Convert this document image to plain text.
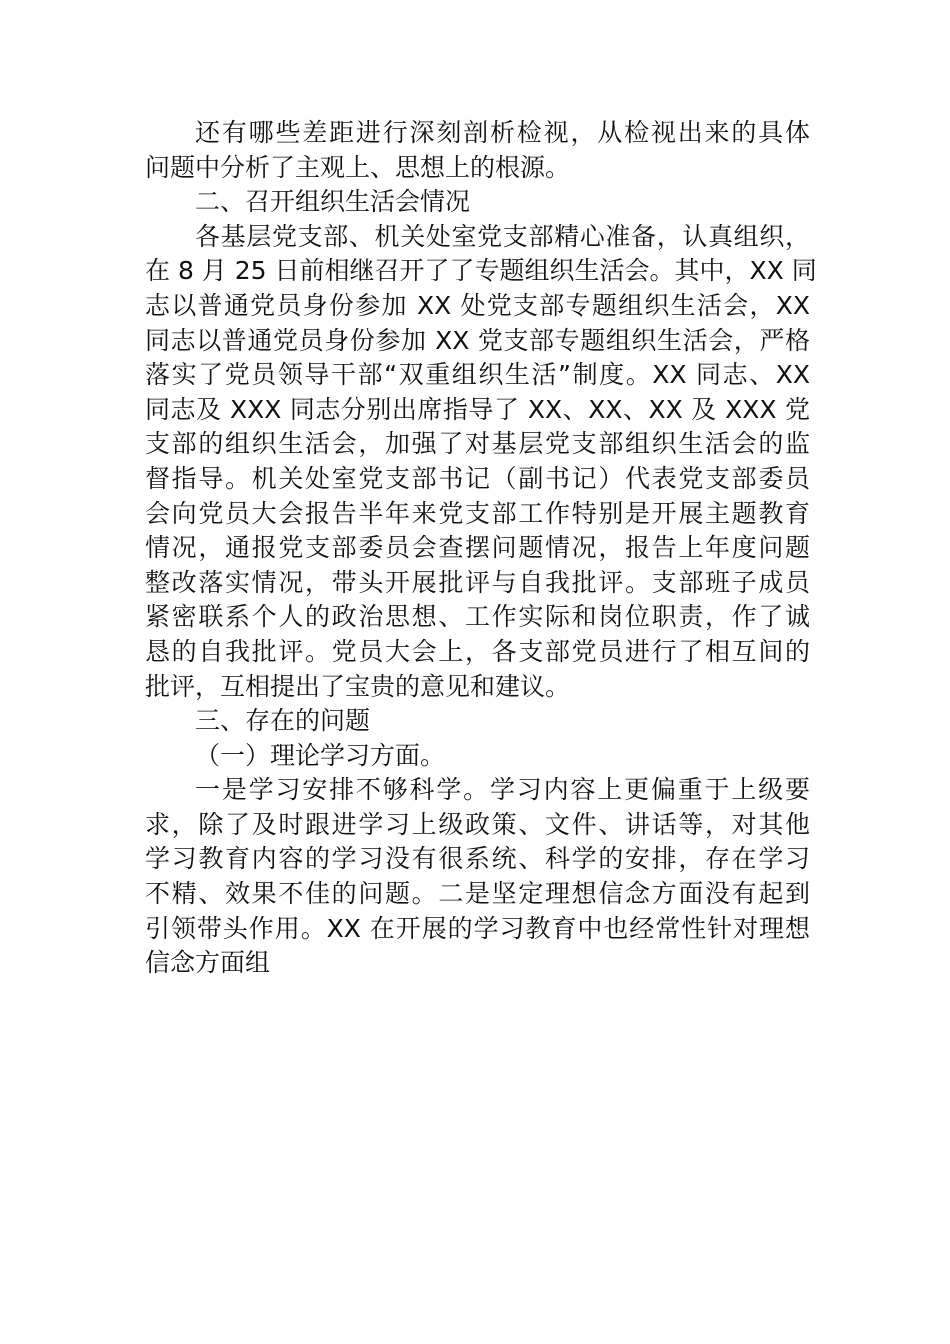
还有哪些差距进行深刻剖析检视，从检视出来的具体
问题中分析了主观上、思想上的根源。
二、召开组织生活会情况
各基层党支部、机关处室党支部精心准备，认真组织，
在 8 月 25 日前相继召开了了专题组织生活会。其中，XX 同
志以普通党员身份参加 XX 处党支部专题组织生活会，XX
同志以普通党员身份参加 XX 党支部专题组织生活会，严格
落实了党员领导干部“双重组织生活”制度。XX 同志、XX
同志及 XXX 同志分别出席指导了 XX、XX、XX 及 XXX 党
支部的组织生活会，加强了对基层党支部组织生活会的监
督指导。机关处室党支部书记（副书记）代表党支部委员
会向党员大会报告半年来党支部工作特别是开展主题教育
情况，通报党支部委员会查摆问题情况，报告上年度问题
整改落实情况，带头开展批评与自我批评。支部班子成员
紧密联系个人的政治思想、工作实际和岗位职责，作了诚
恳的自我批评。党员大会上，各支部党员进行了相互间的
批评，互相提出了宝贵的意见和建议。
三、存在的问题
（一）理论学习方面。
一是学习安排不够科学。学习内容上更偏重于上级要
求，除了及时跟进学习上级政策、文件、讲话等，对其他
学习教育内容的学习没有很系统、科学的安排，存在学习
不精、效果不佳的问题。二是坚定理想信念方面没有起到
引领带头作用。XX 在开展的学习教育中也经常性针对理想
信念方面组
